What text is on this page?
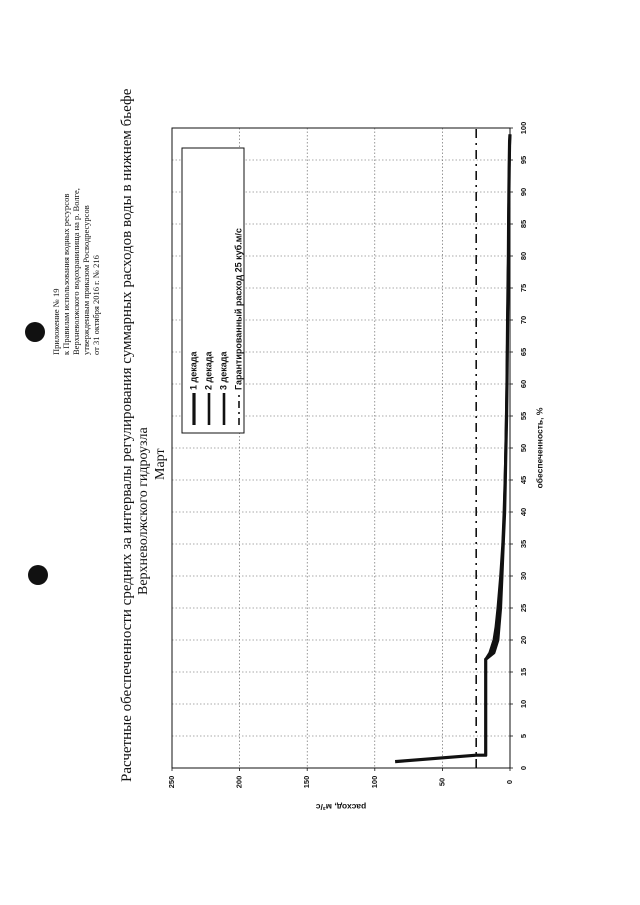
Приложение № 19 к Правилам использования водных ресурсов Верхневолжского водохранилища на р. Волге, утвержденным приказом Росводресурсов от 31 октября 2016 г. № 216 Расчетные обеспеченности средних за интервалы регулирования суммарных расходов воды в нижнем бьефе Верхневолжского гидроузла Март
0
5
10
15
20
25
30
35
40
45
50
55
60
65
70
75
80
85
90
95
100
0
50
100
150
200
250
расход, м³/с
обеспеченность, %
1 декада 2 декада 3 декада Гарантированный расход 25 куб.м/с
